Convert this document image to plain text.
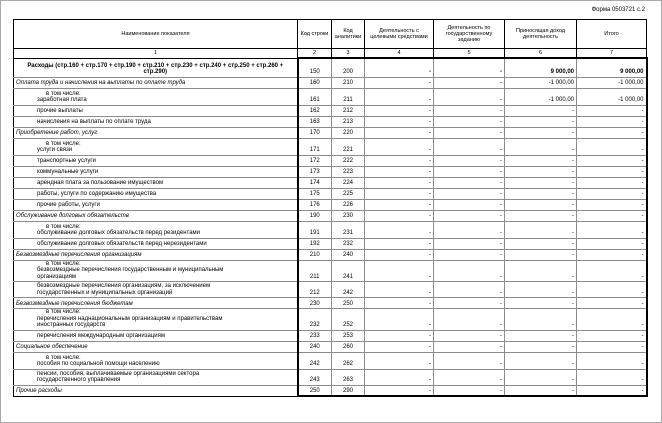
Форма 0503721 с.2
Наименование показателя	Код строки	Код аналитики	Деятельность с целевыми средствами	Деятельность по государственному заданию	Приносящая доход деятельность	Итого
1	2	3	4	5	6	7

Расходы (стр.160 + стр.170 + стр.190 + стр.210 + стр.230 + стр.240 + стр.250 + стр.260 + стр.290)	150	200	-	-	9 000,00	9 000,00

Оплата труда и начисления на выплаты по оплате труда	160	210	-	-	-1 000,00	-1 000,00

в том числе:
заработная плата	161	211	-	-	-1 000,00	-1 000,00

прочие выплаты	162	212	-	-	-	-

начисления на выплаты по оплате труда	163	213	-	-	-	-

Приобретение работ, услуг	170	220	-	-	-	-

в том числе:
услуги связи	171	221	-	-	-	-

транспортные услуги	172	222	-	-	-	-

коммунальные услуги	173	223	-	-	-	-

арендная плата за пользование имуществом	174	224	-	-	-	-

работы, услуги по содержанию имущества	175	225	-	-	-	-

прочие работы, услуги	176	226	-	-	-	-

Обслуживание долговых обязательств	190	230	-	-	-	-

в том числе:
обслуживание долговых обязательств перед резидентами	191	231	-	-	-	-

обслуживание долговых обязательств перед нерезидентами	192	232	-	-	-	-

Безвозмездные перечисления организациям	210	240	-	-	-	-

в том числе:
безвозмездные перечисления государственным и муниципальным организациям	211	241	-	-	-	-

безвозмездные перечисления организациям, за исключением государственных и муниципальных организаций	212	242	-	-	-	-

Безвозмездные перечисления бюджетам	230	250	-	-	-	-

в том числе:
перечисления наднациональным организациям и правительствам иностранных государств	232	252	-	-	-	-

перечисления международным организациям	233	253	-	-	-	-

Социальное обеспечение	240	260	-	-	-	-

в том числе:
пособия по социальной помощи населению	242	262	-	-	-	-

пенсии, пособия, выплачиваемые организациями сектора государственного управления	243	263	-	-	-	-

Прочие расходы	250	290	-	-	-	-
